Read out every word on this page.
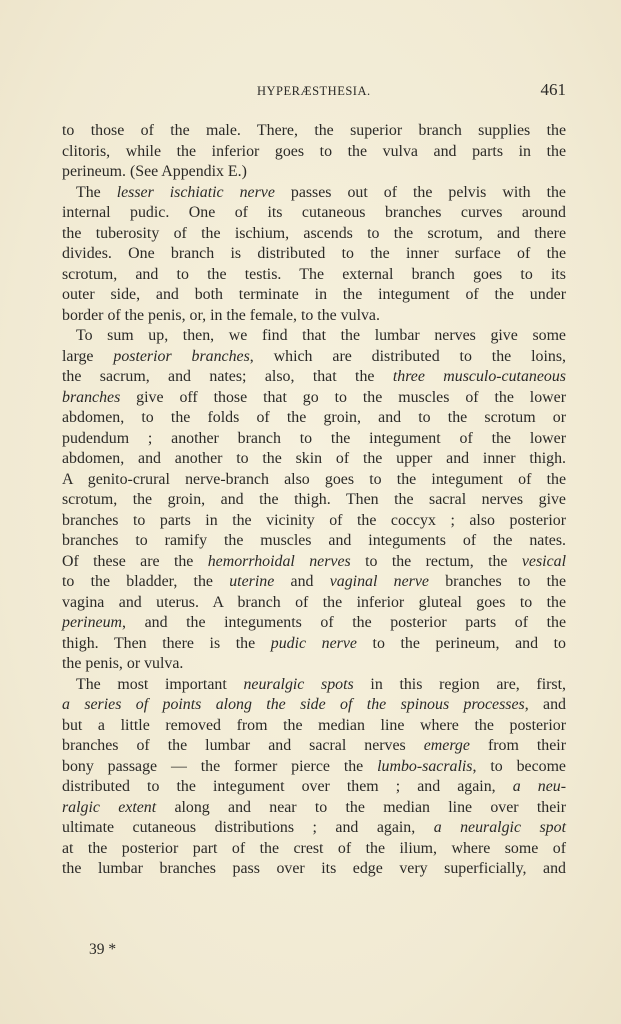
HYPERÆSTHESIA.	461
to those of the male. There, the superior branch supplies the
clitoris, while the inferior goes to the vulva and parts in the
perineum. (See Appendix E.)
The lesser ischiatic nerve passes out of the pelvis with the
internal pudic. One of its cutaneous branches curves around
the tuberosity of the ischium, ascends to the scrotum, and there
divides. One branch is distributed to the inner surface of the
scrotum, and to the testis. The external branch goes to its
outer side, and both terminate in the integument of the under
border of the penis, or, in the female, to the vulva.
To sum up, then, we find that the lumbar nerves give some
large posterior branches, which are distributed to the loins,
the sacrum, and nates; also, that the three musculo-cutaneous
branches give off those that go to the muscles of the lower
abdomen, to the folds of the groin, and to the scrotum or
pudendum ; another branch to the integument of the lower
abdomen, and another to the skin of the upper and inner thigh.
A genito-crural nerve-branch also goes to the integument of the
scrotum, the groin, and the thigh. Then the sacral nerves give
branches to parts in the vicinity of the coccyx ; also posterior
branches to ramify the muscles and integuments of the nates.
Of these are the hemorrhoidal nerves to the rectum, the vesical
to the bladder, the uterine and vaginal nerve branches to the
vagina and uterus. A branch of the inferior gluteal goes to the
perineum, and the integuments of the posterior parts of the
thigh. Then there is the pudic nerve to the perineum, and to
the penis, or vulva.
The most important neuralgic spots in this region are, first,
a series of points along the side of the spinous processes, and
but a little removed from the median line where the posterior
branches of the lumbar and sacral nerves emerge from their
bony passage — the former pierce the lumbo-sacralis, to become
distributed to the integument over them ; and again, a neu-
ralgic extent along and near to the median line over their
ultimate cutaneous distributions ; and again, a neuralgic spot
at the posterior part of the crest of the ilium, where some of
the lumbar branches pass over its edge very superficially, and
39 *
